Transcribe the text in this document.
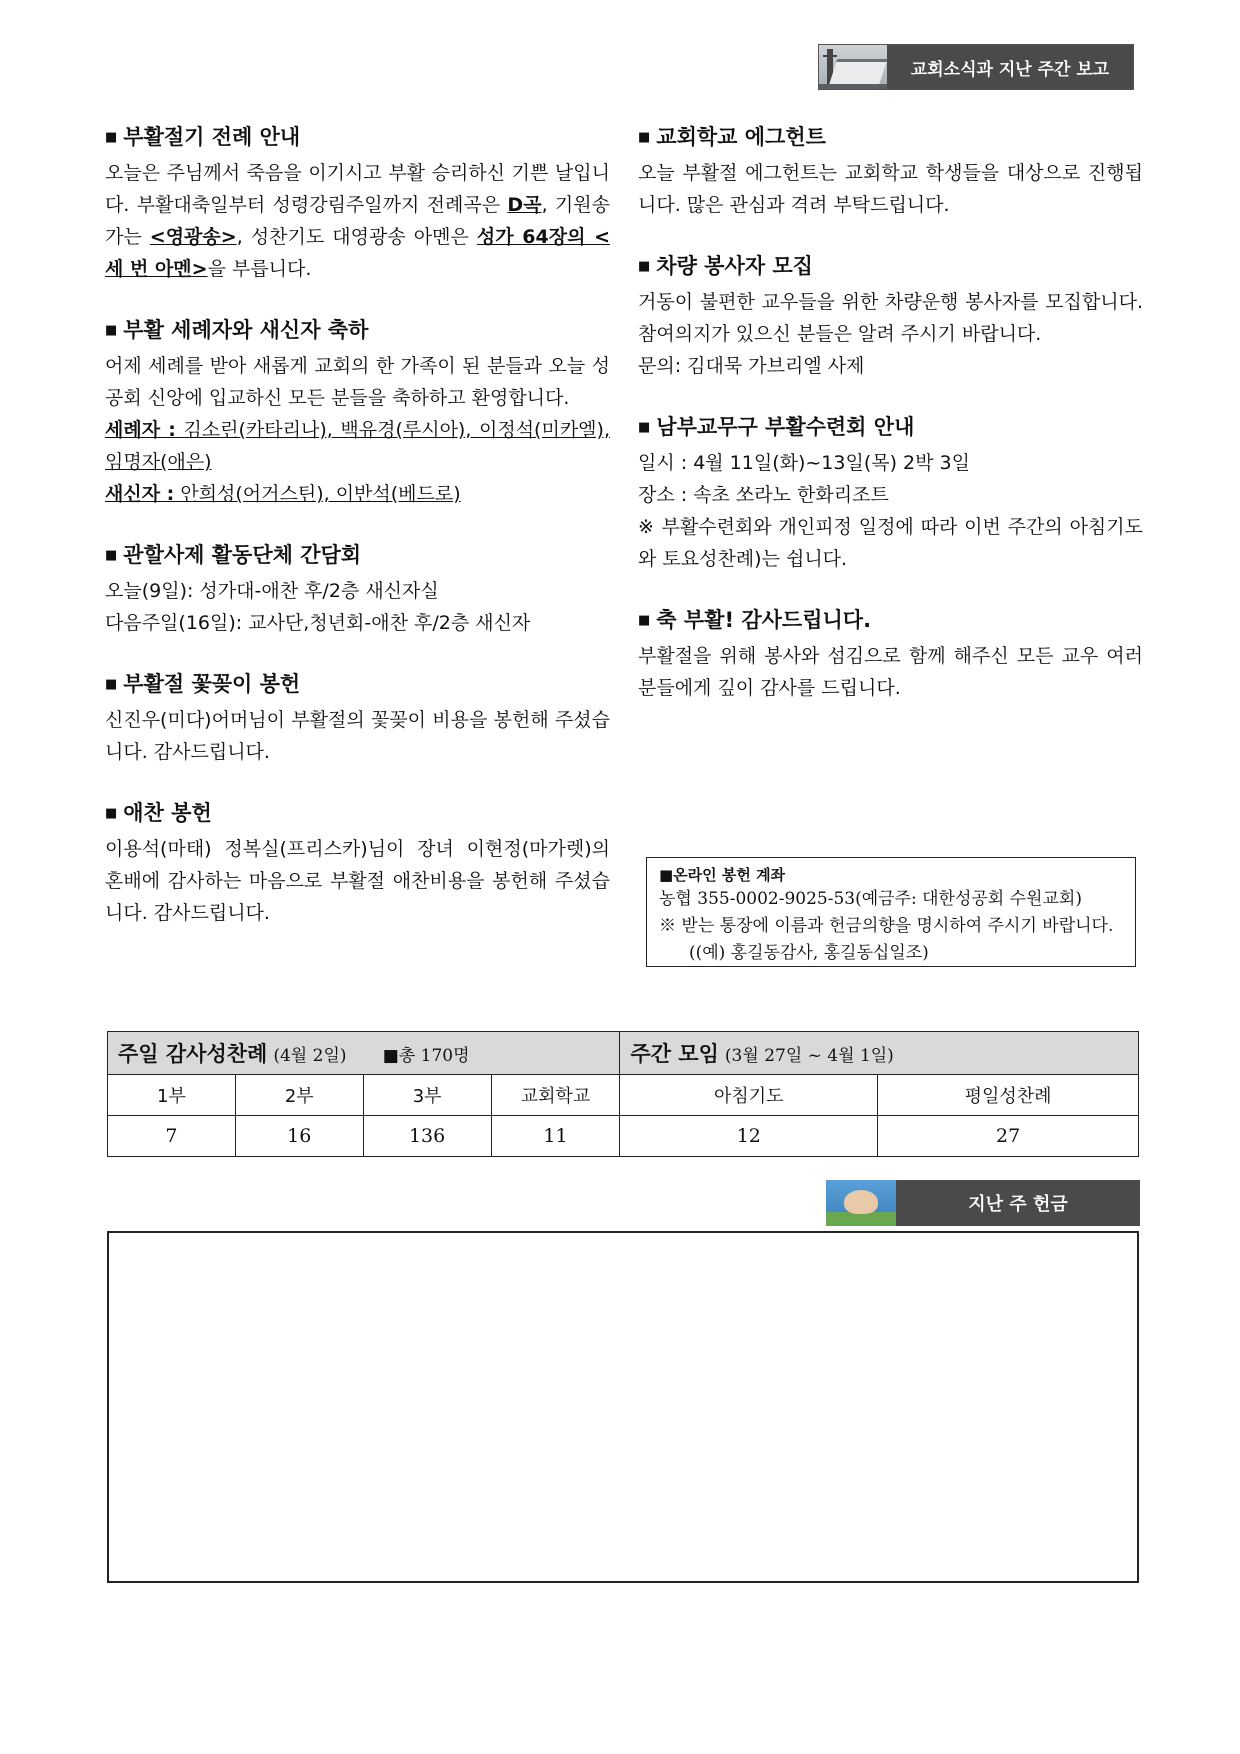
교회소식과 지난 주간 보고
■ 부활절기 전례 안내

오늘은 주님께서 죽음을 이기시고 부활 승리하신 기쁜 날입니다. 부활대축일부터 성령강림주일까지 전례곡은 D곡, 기원송가는 <영광송>, 성찬기도 대영광송 아멘은 성가 64장의 <세 번 아멘>을 부릅니다.

■ 부활 세례자와 새신자 축하

어제 세례를 받아 새롭게 교회의 한 가족이 된 분들과 오늘 성공회 신앙에 입교하신 모든 분들을 축하하고 환영합니다.

세례자 : 김소린(카타리나), 백유경(루시아), 이정석(미카엘), 임명자(애은)

새신자 : 안희성(어거스틴), 이반석(베드로)

■ 관할사제 활동단체 간담회

오늘(9일): 성가대-애찬 후/2층 새신자실

다음주일(16일): 교사단,청년회-애찬 후/2층 새신자

■ 부활절 꽃꽂이 봉헌

신진우(미다)어머님이 부활절의 꽃꽂이 비용을 봉헌해 주셨습니다. 감사드립니다.

■ 애찬 봉헌

이용석(마태) 정복실(프리스카)님이 장녀 이현정(마가렛)의 혼배에 감사하는 마음으로 부활절 애찬비용을 봉헌해 주셨습니다. 감사드립니다.

■ 교회학교 에그헌트

오늘 부활절 에그헌트는 교회학교 학생들을 대상으로 진행됩니다. 많은 관심과 격려 부탁드립니다.

■ 차량 봉사자 모집

거동이 불편한 교우들을 위한 차량운행 봉사자를 모집합니다. 참여의지가 있으신 분들은 알려 주시기 바랍니다.

문의: 김대묵 가브리엘 사제

■ 남부교무구 부활수련회 안내

일시 : 4월 11일(화)~13일(목) 2박 3일

장소 : 속초 쏘라노 한화리조트

※ 부활수련회와 개인피정 일정에 따라 이번 주간의 아침기도와 토요성찬례)는 쉽니다.

■ 축 부활! 감사드립니다.

부활절을 위해 봉사와 섬김으로 함께 해주신 모든 교우 여러분들에게 깊이 감사를 드립니다.

■온라인 봉헌 계좌
농협 355-0002-9025-53(예금주: 대한성공회 수원교회)
※ 받는 통장에 이름과 헌금의향을 명시하여 주시기 바랍니다. ((예) 홍길동감사, 홍길동십일조)
주일 감사성찬례 (4월 2일) ■총 170명				주간 모임 (3월 27일 ~ 4월 1일)	
1부	2부	3부	교회학교	아침기도	평일성찬례
7	16	136	11	12	27
지난 주 헌금
